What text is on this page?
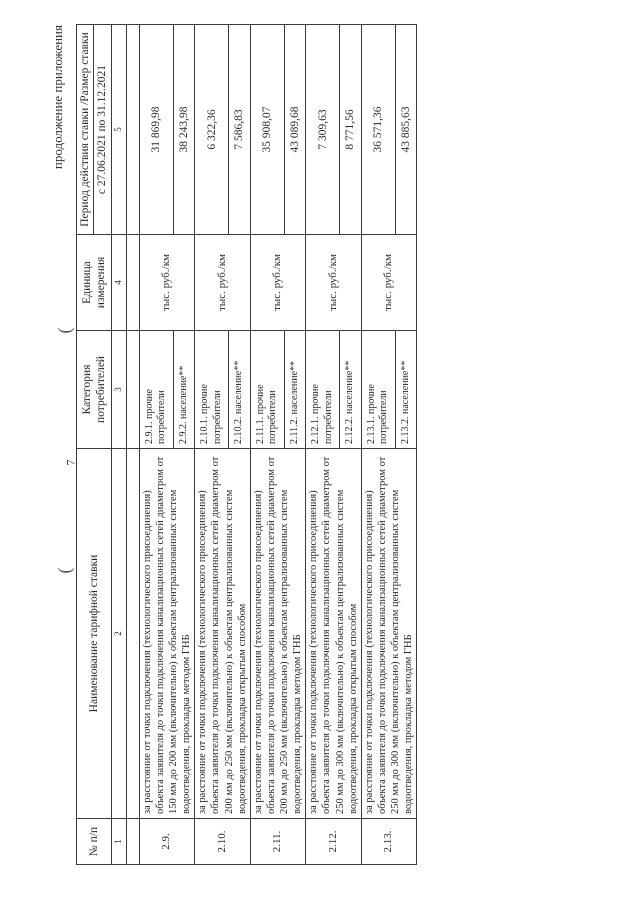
7
(
(
продолжение приложения
№ п/п	Наименование тарифной ставки	Категория потребителей	Единица измерения	Период действия ставки /Размер ставки
				с 27.06.2021 по 31.12.2021
1	2	3	4	5

2.9.	за расстояние от точки подключения (технологического присоединения) объекта заявителя до точки подключения канализационных сетей диаметром от 150 мм до 200 мм (включительно) к объектам централизованных систем водоотведения, прокладка методом ГНБ	2.9.1. прочие потребители	тыс. руб./км	31 869,98
		2.9.2. население**		38 243,98
2.10.	за расстояние от точки подключения (технологического присоединения) объекта заявителя до точки подключения канализационных сетей диаметром от 200 мм до 250 мм (включительно) к объектам централизованных систем водоотведения, прокладка открытым способом	2.10.1. прочие потребители	тыс. руб./км	6 322,36
		2.10.2. население**		7 586,83
2.11.	за расстояние от точки подключения (технологического присоединения) объекта заявителя до точки подключения канализационных сетей диаметром от 200 мм до 250 мм (включительно) к объектам централизованных систем водоотведения, прокладка методом ГНБ	2.11.1. прочие потребители	тыс. руб./км	35 908,07
		2.11.2. население**		43 089,68
2.12.	за расстояние от точки подключения (технологического присоединения) объекта заявителя до точки подключения канализационных сетей диаметром от 250 мм до 300 мм (включительно) к объектам централизованных систем водоотведения, прокладка открытым способом	2.12.1. прочие потребители	тыс. руб./км	7 309,63
		2.12.2. население**		8 771,56
2.13.	за расстояние от точки подключения (технологического присоединения) объекта заявителя до точки подключения канализационных сетей диаметром от 250 мм до 300 мм (включительно) к объектам централизованных систем водоотведения, прокладка методом ГНБ	2.13.1. прочие потребители	тыс. руб./км	36 571,36
		2.13.2. население**		43 885,63
